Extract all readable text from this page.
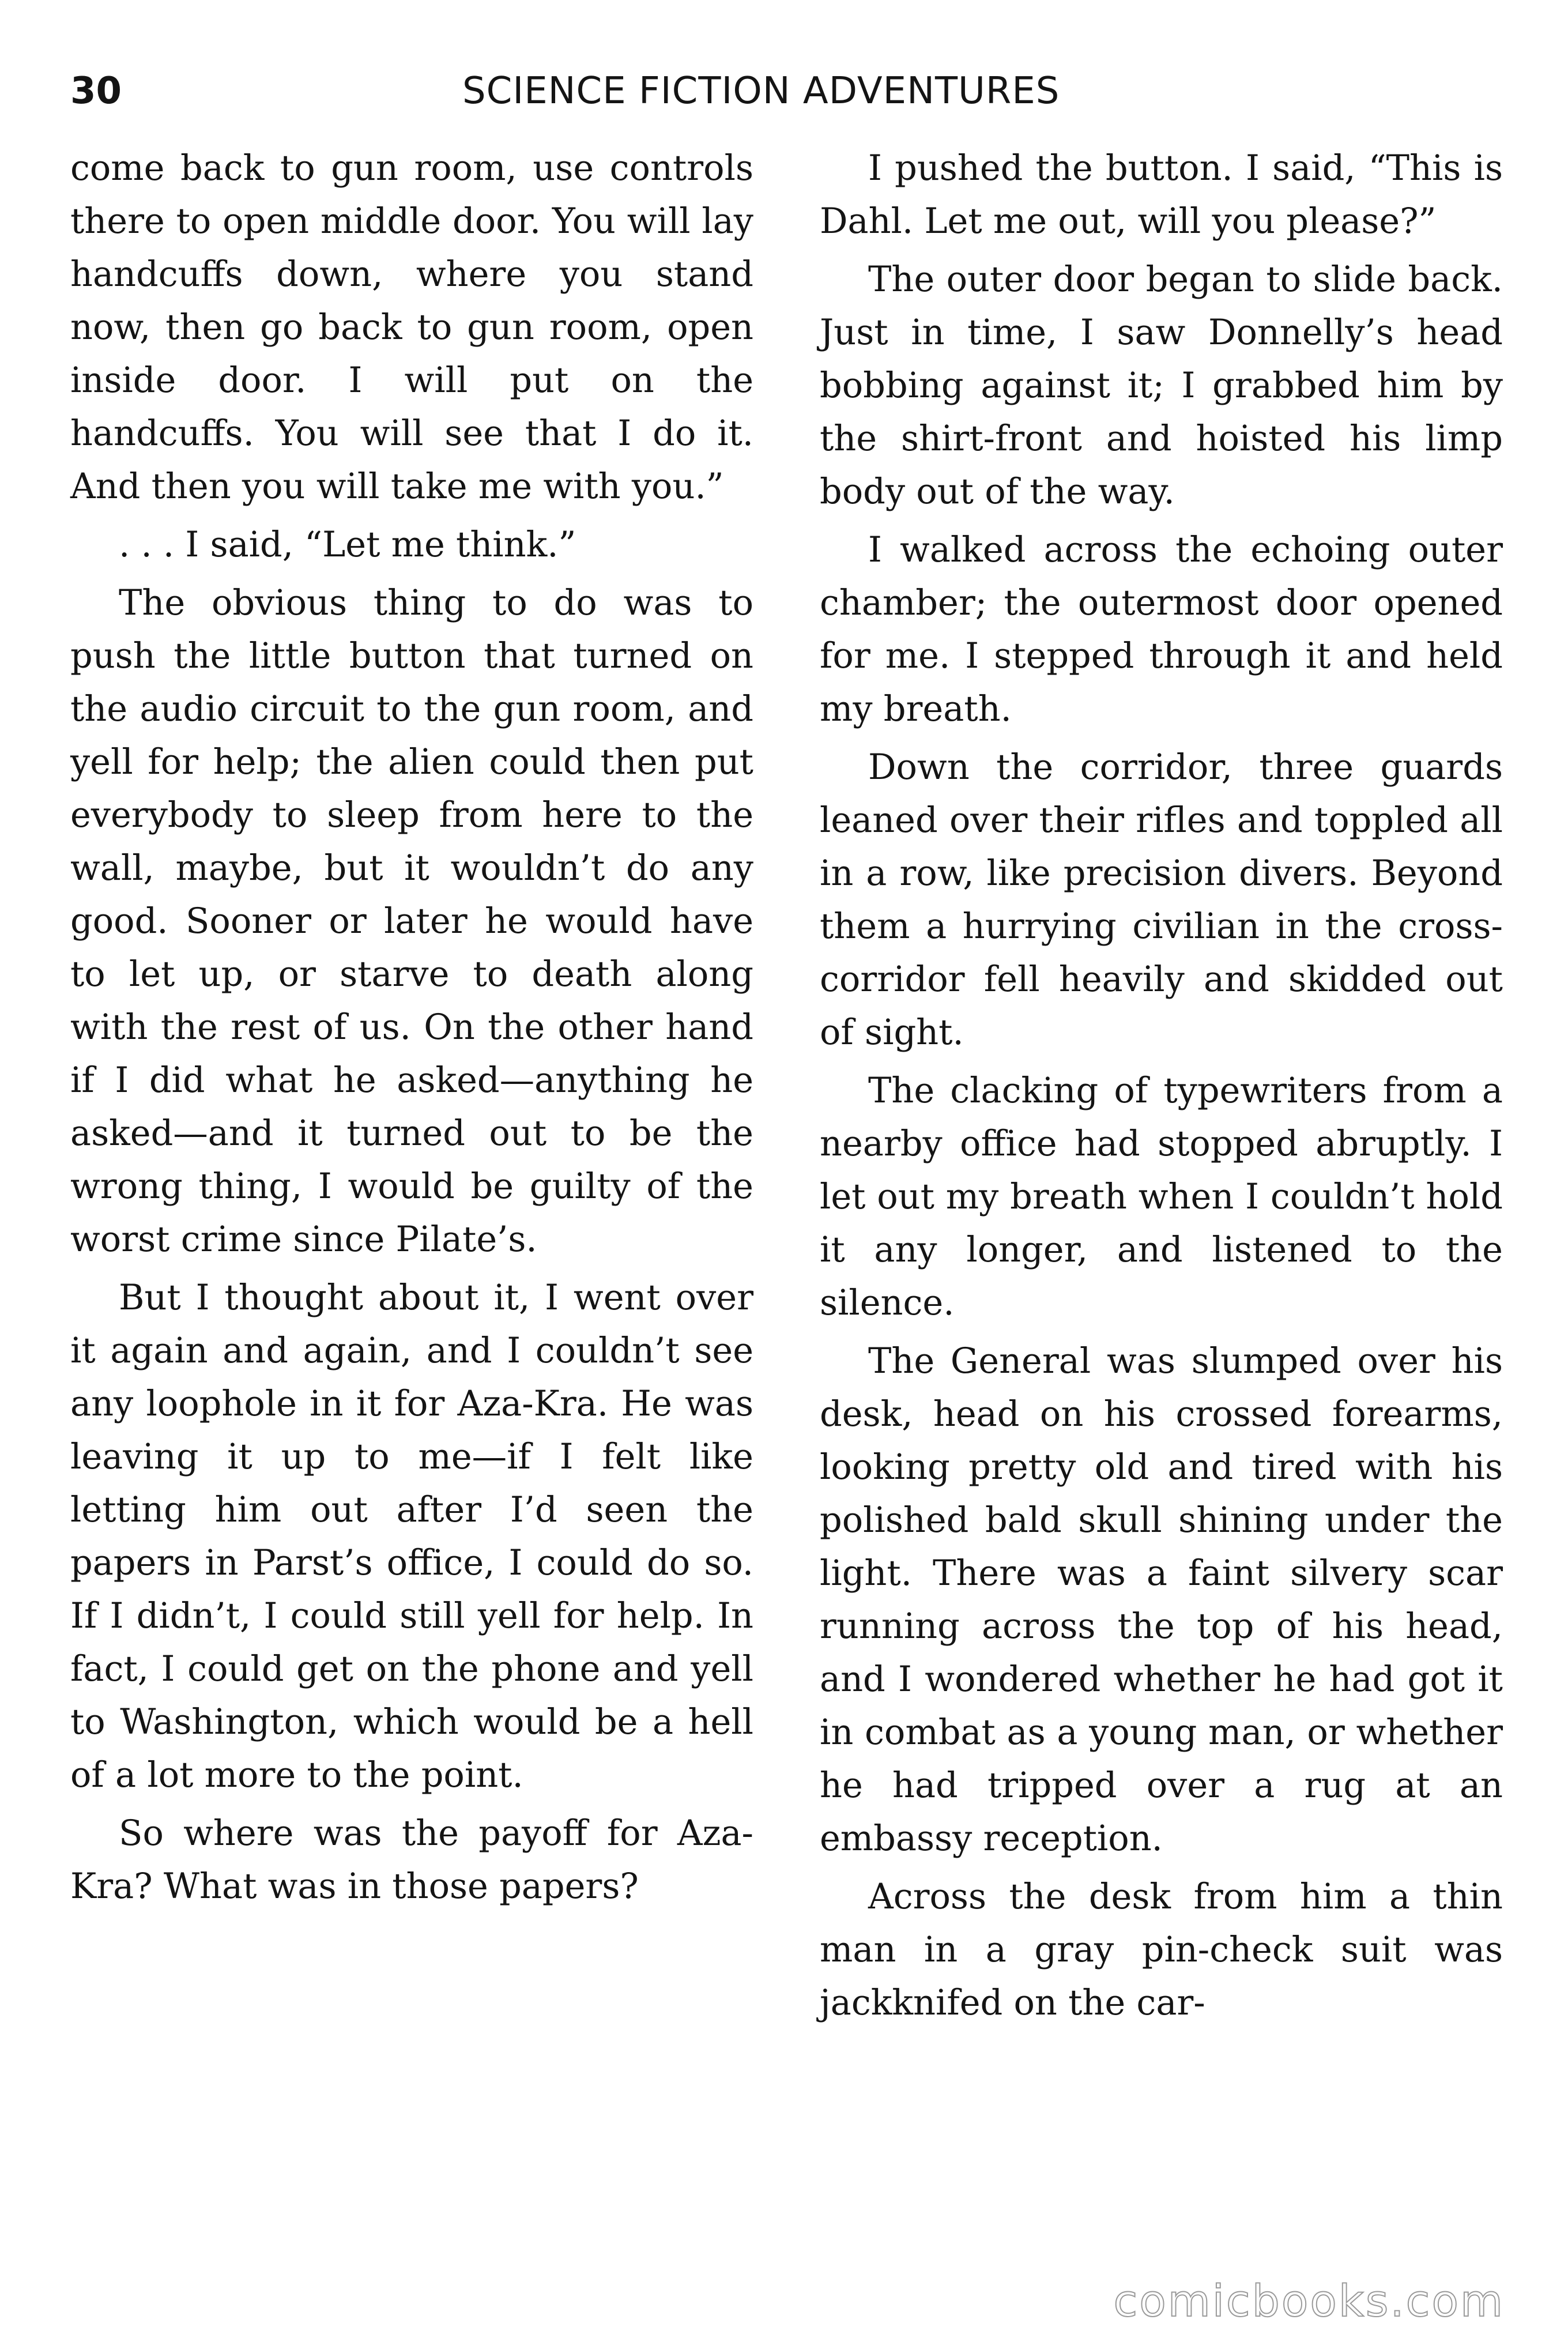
30	SCIENCE FICTION ADVENTURES

come back to gun room, use controls there to open middle door. You will lay handcuffs down, where you stand now, then go back to gun room, open inside door. I will put on the handcuffs. You will see that I do it. And then you will take me with you.”

. . . I said, “Let me think.”

The obvious thing to do was to push the little button that turned on the audio circuit to the gun room, and yell for help; the alien could then put everybody to sleep from here to the wall, maybe, but it wouldn’t do any good. Sooner or later he would have to let up, or starve to death along with the rest of us. On the other hand if I did what he asked—anything he asked—and it turned out to be the wrong thing, I would be guilty of the worst crime since Pilate’s.

But I thought about it, I went over it again and again, and I couldn’t see any loophole in it for Aza-Kra. He was leaving it up to me—if I felt like letting him out after I’d seen the papers in Parst’s office, I could do so. If I didn’t, I could still yell for help. In fact, I could get on the phone and yell to Washington, which would be a hell of a lot more to the point.

So where was the payoff for Aza-Kra? What was in those papers?

I pushed the button. I said, “This is Dahl. Let me out, will you please?”

The outer door began to slide back. Just in time, I saw Donnelly’s head bobbing against it; I grabbed him by the shirt-front and hoisted his limp body out of the way.

I walked across the echoing outer chamber; the outermost door opened for me. I stepped through it and held my breath.

Down the corridor, three guards leaned over their rifles and toppled all in a row, like precision divers. Beyond them a hurrying civilian in the cross-corridor fell heavily and skidded out of sight.

The clacking of typewriters from a nearby office had stopped abruptly. I let out my breath when I couldn’t hold it any longer, and listened to the silence.

The General was slumped over his desk, head on his crossed forearms, looking pretty old and tired with his polished bald skull shining under the light. There was a faint silvery scar running across the top of his head, and I wondered whether he had got it in combat as a young man, or whether he had tripped over a rug at an embassy reception.

Across the desk from him a thin man in a gray pin-check suit was jackknifed on the car-

comicbooks.com
